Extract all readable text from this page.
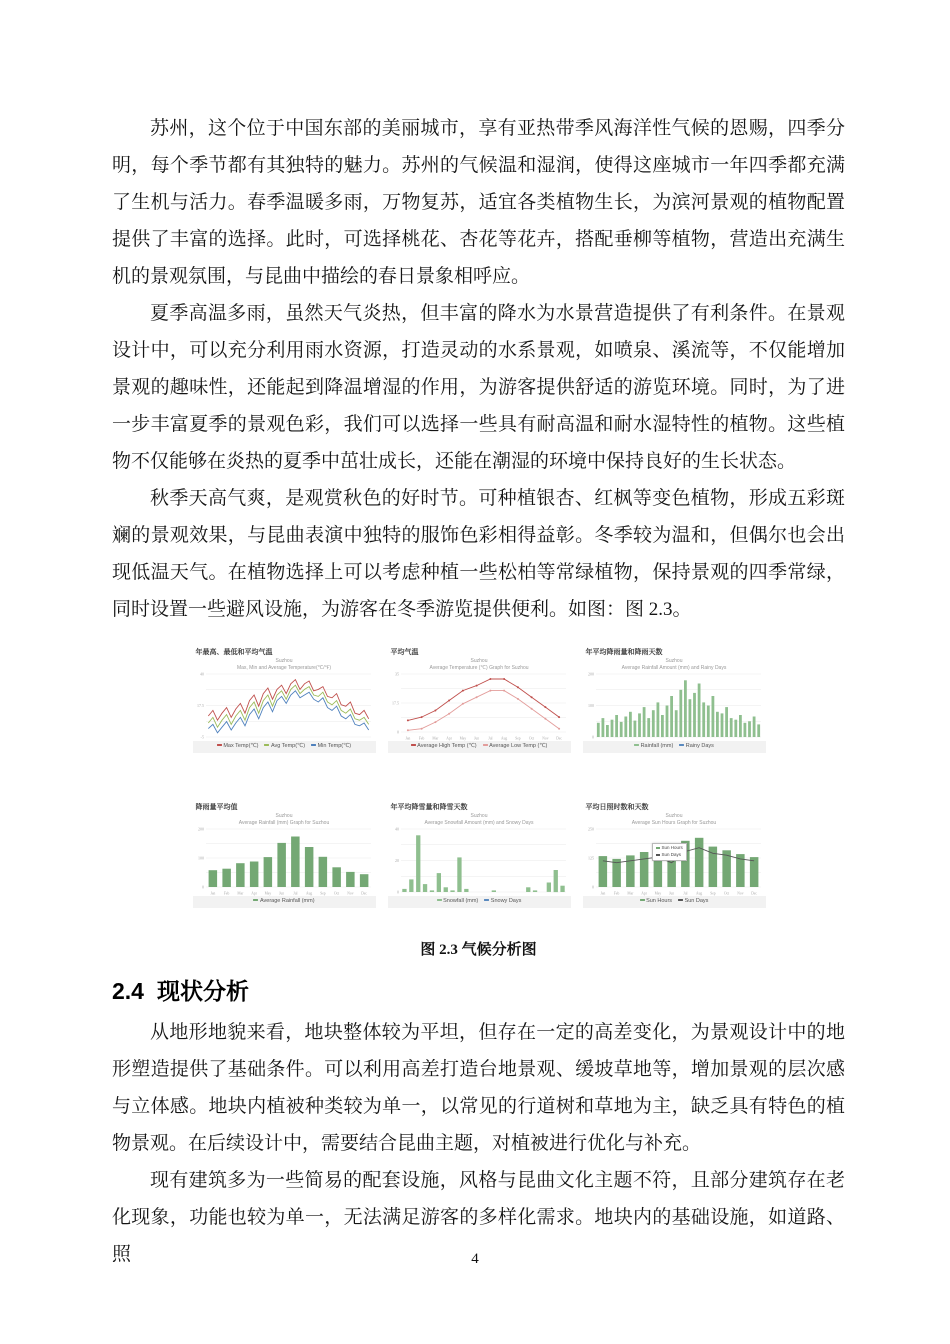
苏州，这个位于中国东部的美丽城市，享有亚热带季风海洋性气候的恩赐，四季分明，每个季节都有其独特的魅力。苏州的气候温和湿润，使得这座城市一年四季都充满了生机与活力。春季温暖多雨，万物复苏，适宜各类植物生长，为滨河景观的植物配置提供了丰富的选择。此时，可选择桃花、杏花等花卉，搭配垂柳等植物，营造出充满生机的景观氛围，与昆曲中描绘的春日景象相呼应。

夏季高温多雨，虽然天气炎热，但丰富的降水为水景营造提供了有利条件。在景观设计中，可以充分利用雨水资源，打造灵动的水系景观，如喷泉、溪流等，不仅能增加景观的趣味性，还能起到降温增湿的作用，为游客提供舒适的游览环境。同时，为了进一步丰富夏季的景观色彩，我们可以选择一些具有耐高温和耐水湿特性的植物。这些植物不仅能够在炎热的夏季中茁壮成长，还能在潮湿的环境中保持良好的生长状态。

秋季天高气爽，是观赏秋色的好时节。可种植银杏、红枫等变色植物，形成五彩斑斓的景观效果，与昆曲表演中独特的服饰色彩相得益彰。冬季较为温和，但偶尔也会出现低温天气。在植物选择上可以考虑种植一些松柏等常绿植物，保持景观的四季常绿，同时设置一些避风设施，为游客在冬季游览提供便利。如图：图 2.3。

年最高、最低和平均气温
Suzhou
Max, Min and Average Temperature(℃/℉)
40
17.5
-5
Max Temp(℃)	Avg Temp(℃)	Min Temp(℃)
平均气温
Suzhou
Average Temperature (℃) Graph for Suzhou
35
17.5
0
Jan Feb Mar Apr May Jun	Jul Aug Sep Oct Nov Dec
Average High Temp (℃)	Average Low Temp (℃)
年平均降雨量和降雨天数
Suzhou
Average Rainfall Amount (mm) and Rainy Days
200
100
0
Rainfall (mm)	Rainy Days
降雨量平均值
Suzhou
Average Rainfall (mm) Graph for Suzhou
200
100
0
Jan Feb Mar Apr May Jun	Jul Aug Sep Oct Nov Dec
Average Rainfall (mm)
年平均降雪量和降雪天数
Suzhou
Average Snowfall Amount (mm) and Snowy Days
40
20
0
Snowfall (mm)	Snowy Days
平均日照时数和天数
Suzhou
Average Sun Hours Graph for Suzhou
250
125
0
Jan Feb Mar Apr May Jun	Jul Aug Sep Oct Nov Dec
Sun Hours
Sun Days
Sun Hours	Sun Days
图 2.3 气候分析图
2.4 现状分析

从地形地貌来看，地块整体较为平坦，但存在一定的高差变化，为景观设计中的地形塑造提供了基础条件。可以利用高差打造台地景观、缓坡草地等，增加景观的层次感与立体感。地块内植被种类较为单一，以常见的行道树和草地为主，缺乏具有特色的植物景观。在后续设计中，需要结合昆曲主题，对植被进行优化与补充。

现有建筑多为一些简易的配套设施，风格与昆曲文化主题不符，且部分建筑存在老化现象，功能也较为单一，无法满足游客的多样化需求。地块内的基础设施，如道路、照	4
